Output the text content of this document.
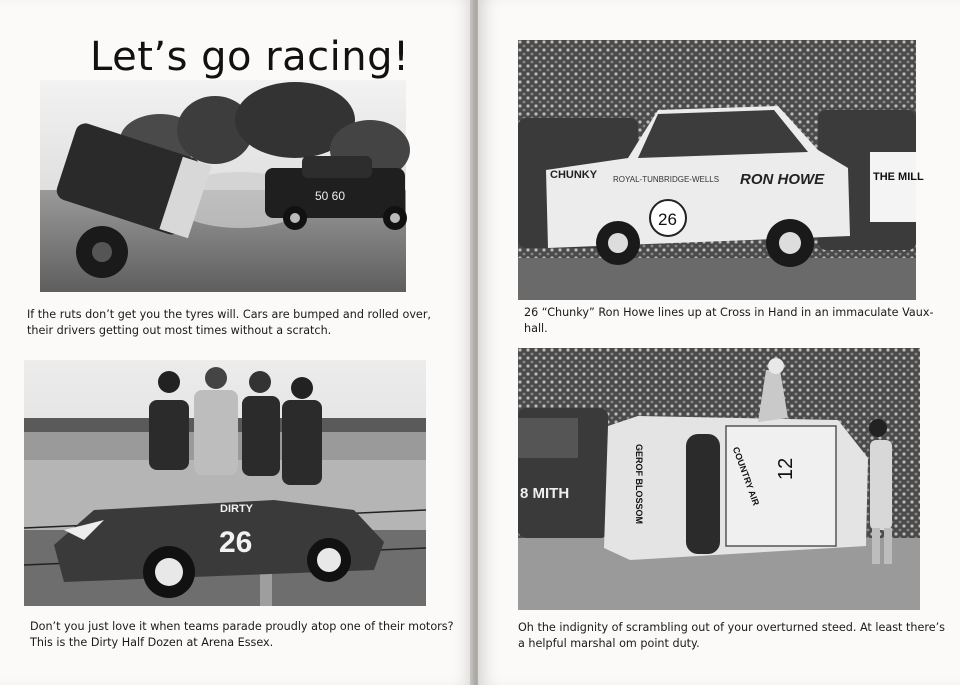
Let’s go racing!
50 60

If the ruts don’t get you the tyres will. Cars are bumped and rolled over,
their drivers getting out most times without a scratch.

26
DIRTY

Don’t you just love it when teams parade proudly atop one of their motors?
This is the Dirty Half Dozen at Arena Essex.

CHUNKY ROYAL-TUNBRIDGE-WELLS RON HOWE
26
THE MILL

26 “Chunky” Ron Howe lines up at Cross in Hand in an immaculate Vaux-
hall.

12
GEROF BLOSSOM	COUNTRY AIR
8 MITH

Oh the indignity of scrambling out of your overturned steed. At least there’s
a helpful marshal om point duty.
